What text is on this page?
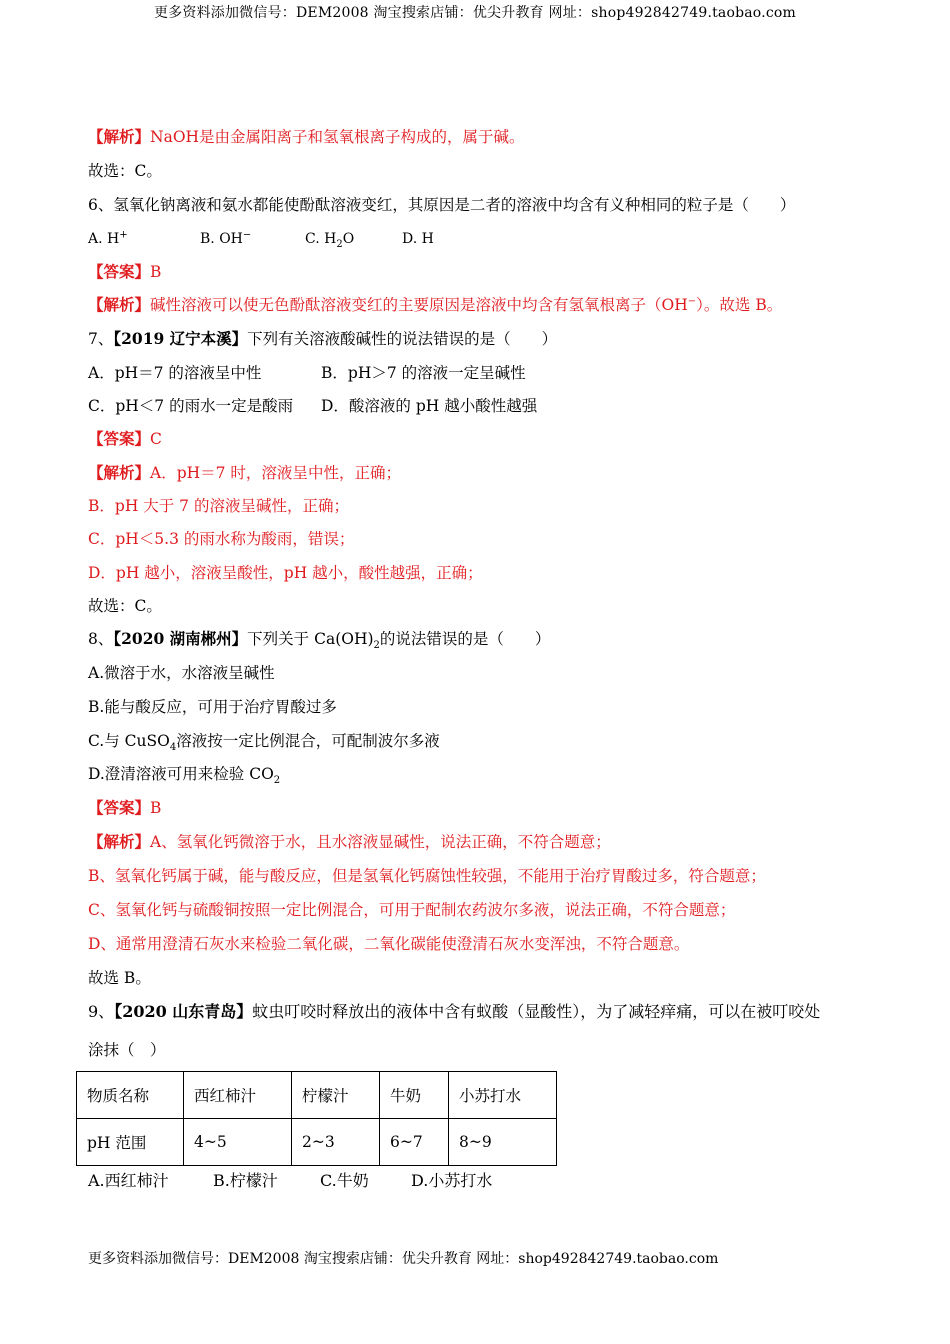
更多资料添加微信号：DEM2008 淘宝搜索店铺：优尖升教育 网址：shop492842749.taobao.com
【解析】NaOH是由金属阳离子和氢氧根离子构成的，属于碱。
故选：C。
6、氢氧化钠离液和氨水都能使酚酞溶液变红，其原因是二者的溶液中均含有义种相同的粒子是（　　）
A. H+	B. OH−	C. $H_2O$	D. H
【答案】B
【解析】碱性溶液可以使无色酚酞溶液变红的主要原因是溶液中均含有氢氧根离子（OH−）。故选 B。
7、【2019 辽宁本溪】下列有关溶液酸碱性的说法错误的是（　　）
A．pH＝7 的溶液呈中性	B．pH＞7 的溶液一定呈碱性
C．pH＜7 的雨水一定是酸雨 D．酸溶液的 pH 越小酸性越强
【答案】C
【解析】A．pH＝7 时，溶液呈中性，正确；
B．pH 大于 7 的溶液呈碱性，正确；
C．pH＜5.3 的雨水称为酸雨，错误；
D．pH 越小，溶液呈酸性，pH 越小，酸性越强，正确；
故选：C。
8、【2020 湖南郴州】下列关于 $Ca(OH)_2$的说法错误的是（　　）
A.微溶于水，水溶液呈碱性
B.能与酸反应，可用于治疗胃酸过多
C.与 CuSO$_4$溶液按一定比例混合，可配制波尔多液
D.澄清溶液可用来检验 $CO_2$
【答案】B
【解析】A、氢氧化钙微溶于水，且水溶液显碱性，说法正确，不符合题意；
B、氢氧化钙属于碱，能与酸反应，但是氢氧化钙腐蚀性较强，不能用于治疗胃酸过多，符合题意；
C、氢氧化钙与硫酸铜按照一定比例混合，可用于配制农药波尔多液，说法正确，不符合题意；
D、通常用澄清石灰水来检验二氧化碳，二氧化碳能使澄清石灰水变浑浊，不符合题意。
故选 B。
9、【2020 山东青岛】蚊虫叮咬时释放出的液体中含有蚁酸（显酸性），为了减轻痒痛，可以在被叮咬处
涂抹（　）
物质名称	西红柿汁	柠檬汁	牛奶	小苏打水
pH 范围	4~5	2~3	6~7	8~9
A.西红柿汁	B.柠檬汁	C.牛奶	D.小苏打水
更多资料添加微信号：DEM2008 淘宝搜索店铺：优尖升教育 网址：shop492842749.taobao.com
